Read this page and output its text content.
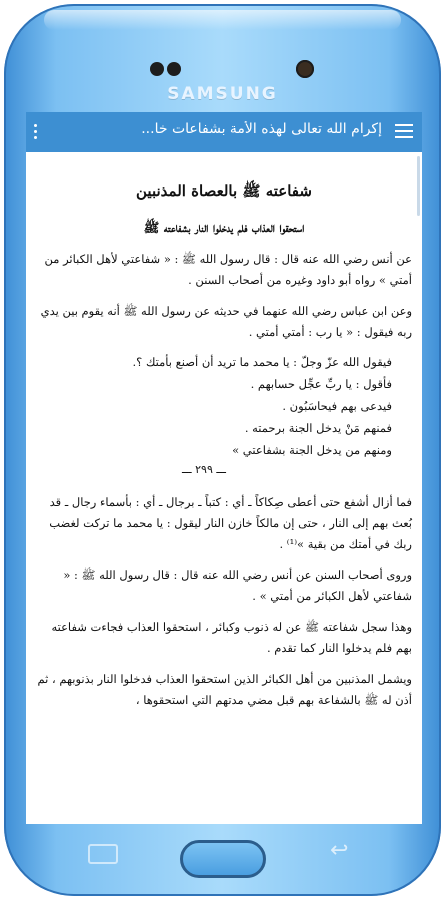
SAMSUNG
إكرام الله تعالى لهذه الأمة بشفاعات خا...
شفاعته ﷺ بالعصاة المذنبين
استحقوا العذاب فلم يدخلوا النار بشفاعته ﷺ
عن أنس رضي الله عنه قال : قال رسول الله ﷺ : « شفاعتي لأهل الكبائر من أمتي » رواه أبو داود وغيره من أصحاب السنن .
وعن ابن عباس رضي الله عنهما في حديثه عن رسول الله ﷺ أنه يقوم بين يدي ربه فيقول : « يا رب : أمتي أمتي .
فيقول الله عزّ وجلّ : يا محمد ما تريد أن أصنع بأمتك ؟.
فأقول : يا ربِّ عجِّل حسابهم .
فيدعى بهم فيحاسَبُون .
فمنهم مَنْ يدخل الجنة برحمته .
ومنهم من يدخل الجنة بشفاعتي »
ـــ ٢٩٩ ـــ
فما أزال أشفع حتى أعطى صِكاكاً ـ أي : كتباً ـ برجال ـ أي : بأسماء رجال ـ قد بُعث بهم إلى النار ، حتى إن مالكاً خازن النار ليقول : يا محمد ما تركت لغضب ربك في أمتك من بقية »⁽¹⁾ .
وروى أصحاب السنن عن أنس رضي الله عنه قال : قال رسول الله ﷺ : « شفاعتي لأهل الكبائر من أمتي » .
وهذا سجل شفاعته ﷺ عن له ذنوب وكبائر ، استحقوا العذاب فجاءت شفاعته بهم فلم يدخلوا النار كما تقدم .
ويشمل المذنبين من أهل الكبائر الذين استحقوا العذاب فدخلوا النار بذنوبهم ، ثم أذن له ﷺ بالشفاعة بهم قبل مضي مدتهم التي استحقوها ،
↩
